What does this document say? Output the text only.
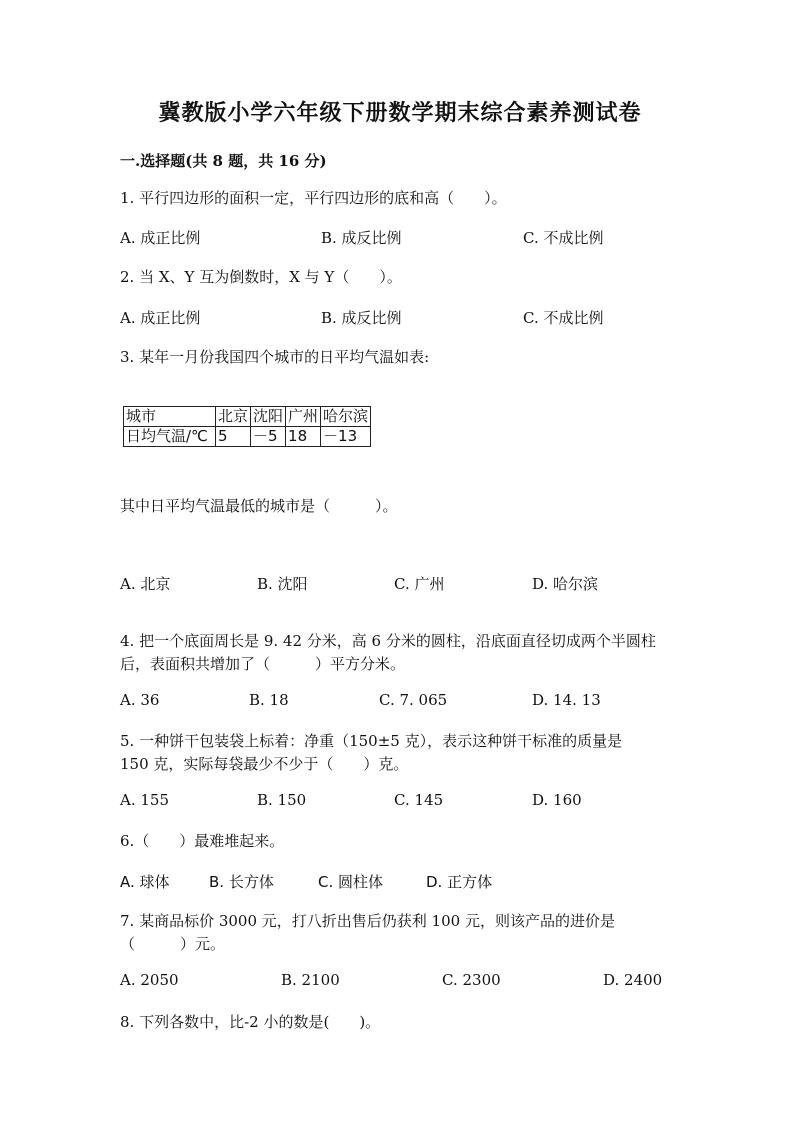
冀教版小学六年级下册数学期末综合素养测试卷
一.选择题(共 8 题，共 16 分)
1. 平行四边形的面积一定，平行四边形的底和高（　　）。
A. 成正比例	B. 成反比例	C. 不成比例
2. 当 X、Y 互为倒数时，X 与 Y（　　）。
A. 成正比例	B. 成反比例	C. 不成比例
3. 某年一月份我国四个城市的日平均气温如表:
城市	北京	沈阳	广州	哈尔滨
日均气温/℃	5	－5	18	－13
其中日平均气温最低的城市是（　　　）。
A. 北京	B. 沈阳	C. 广州	D. 哈尔滨
4. 把一个底面周长是 9. 42 分米，高 6 分米的圆柱，沿底面直径切成两个半圆柱
后，表面积共增加了（　　　）平方分米。
A. 36	B. 18	C. 7. 065	D. 14. 13
5. 一种饼干包装袋上标着：净重（150±5 克），表示这种饼干标准的质量是
150 克，实际每袋最少不少于（　　）克。
A. 155	B. 150	C. 145	D. 160
6.（　　）最难堆起来。
A. 球体	B. 长方体	C. 圆柱体	D. 正方体
7. 某商品标价 3000 元，打八折出售后仍获利 100 元，则该产品的进价是
（　　　）元。
A. 2050	B. 2100	C. 2300	D. 2400
8. 下列各数中，比-2 小的数是(　　)。
